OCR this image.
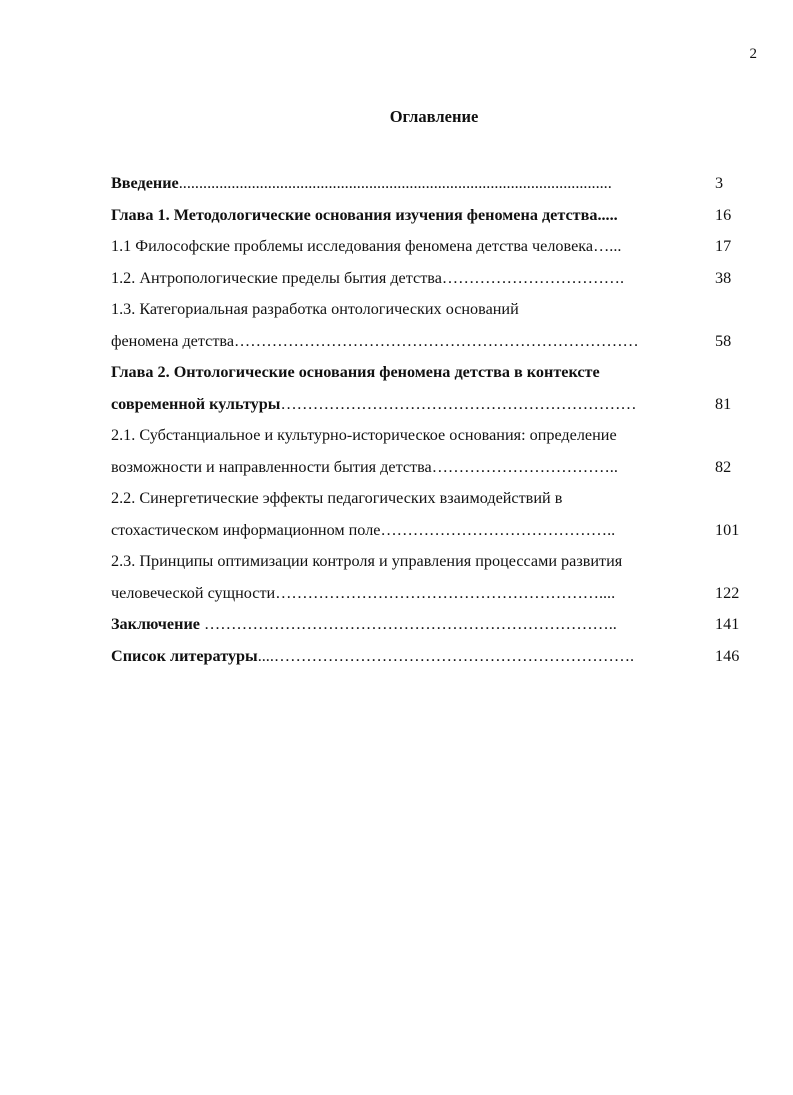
2
Оглавление
Введение...........................................................................................................	3
Глава 1. Методологические основания изучения феномена детства.....	16
1.1 Философские проблемы исследования феномена детства человека…...	17
1.2. Антропологические пределы бытия детства…………………………….	38
1.3. Категориальная разработка онтологических оснований
феномена детства…………………………………………………………………	58
Глава 2. Онтологические основания феномена детства в контексте
современной культуры…………………………………………………………	81
2.1. Субстанциальное и культурно-историческое основания: определение
возможности и направленности бытия детства……………………………..	82
2.2. Синергетические эффекты педагогических взаимодействий в
стохастическом информационном поле……………………………………..	101
2.3. Принципы оптимизации контроля и управления процессами развития
человеческой сущности……………………………………………………....	122
Заключение …………………………………………………………………..	141
Список литературы....………………………………………………………….	146
